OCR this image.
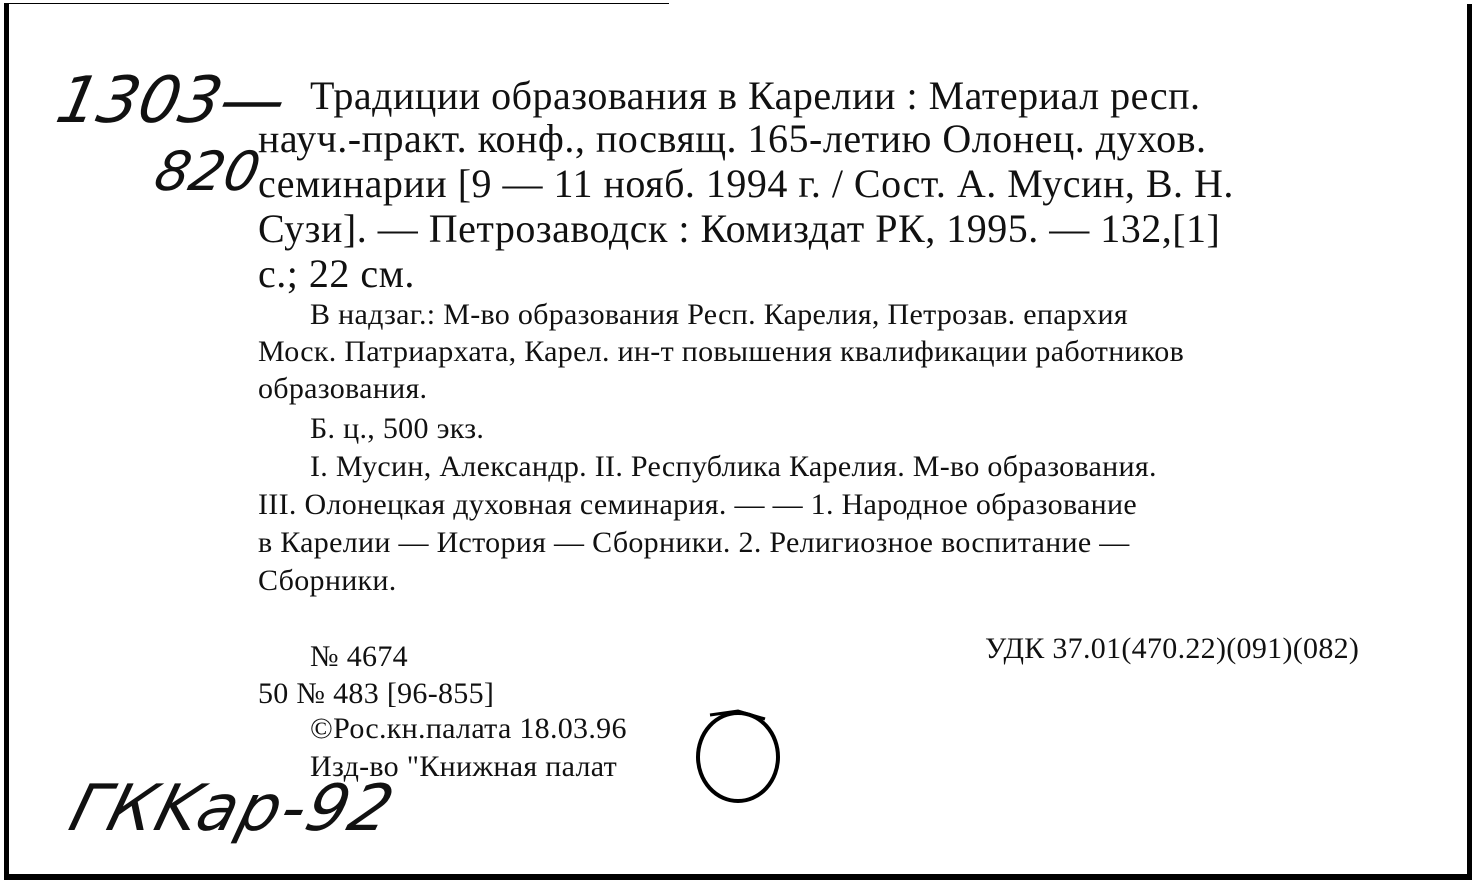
1303—
820
ГКKap-92
Традиции образования в Карелии : Материал респ.
науч.-практ. конф., посвящ. 165-летию Олонец. духов.
семинарии [9 — 11 нояб. 1994 г. / Сост. А. Мусин, В. Н.
Сузи]. — Петрозаводск : Комиздат РК, 1995. — 132,[1]
с.; 22 см.
В надзаг.: М-во образования Респ. Карелия, Петрозав. епархия
Моск. Патриархата, Карел. ин-т повышения квалификации работников
образования.
Б. ц., 500 экз.
I. Мусин, Александр. II. Республика Карелия. М-во образования.
III. Олонецкая духовная семинария. — — 1. Народное образование
в Карелии — История — Сборники. 2. Религиозное воспитание —
Сборники.
№ 4674	УДК 37.01(470.22)(091)(082)
50 № 483 [96-855]
©Рос.кн.палата 18.03.96
Изд-во "Книжная палат
